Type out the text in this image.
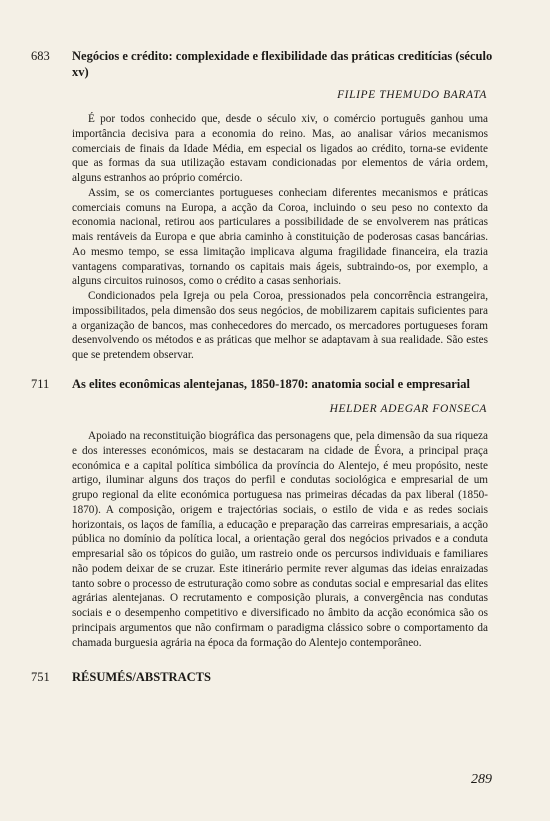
683	Negócios e crédito: complexidade e flexibilidade das práticas creditícias (século xv)
FILIPE THEMUDO BARATA

É por todos conhecido que, desde o século xiv, o comércio português ganhou uma importância decisiva para a economia do reino. Mas, ao analisar vários mecanismos comerciais de finais da Idade Média, em especial os ligados ao crédito, torna-se evidente que as formas da sua utilização estavam condicionadas por elementos de vária ordem, alguns estranhos ao próprio comércio.

Assim, se os comerciantes portugueses conheciam diferentes mecanismos e práticas comerciais comuns na Europa, a acção da Coroa, incluindo o seu peso no contexto da economia nacional, retirou aos particulares a possibilidade de se envolverem nas práticas mais rentáveis da Europa e que abria caminho à constituição de poderosas casas bancárias. Ao mesmo tempo, se essa limitação implicava alguma fragilidade financeira, ela trazia vantagens comparativas, tornando os capitais mais ágeis, subtraindo-os, por exemplo, a alguns circuitos ruinosos, como o crédito a casas senhoriais.

Condicionados pela Igreja ou pela Coroa, pressionados pela concorrência estrangeira, impossibilitados, pela dimensão dos seus negócios, de mobilizarem capitais suficientes para a organização de bancos, mas conhecedores do mercado, os mercadores portugueses foram desenvolvendo os métodos e as práticas que melhor se adaptavam à sua realidade. São estes que se pretendem observar.

711	As elites econômicas alentejanas, 1850-1870: anatomia social e empresarial
HELDER ADEGAR FONSECA

Apoiado na reconstituição biográfica das personagens que, pela dimensão da sua riqueza e dos interesses económicos, mais se destacaram na cidade de Évora, a principal praça económica e a capital política simbólica da província do Alentejo, é meu propósito, neste artigo, iluminar alguns dos traços do perfil e condutas sociológica e empresarial de um grupo regional da elite económica portuguesa nas primeiras décadas da pax liberal (1850-1870). A composição, origem e trajectórias sociais, o estilo de vida e as redes sociais horizontais, os laços de família, a educação e preparação das carreiras empresariais, a acção pública no domínio da política local, a orientação geral dos negócios privados e a conduta empresarial são os tópicos do guião, um rastreio onde os percursos individuais e familiares não podem deixar de se cruzar. Este itinerário permite rever algumas das ideias enraizadas tanto sobre o processo de estruturação como sobre as condutas social e empresarial das elites agrárias alentejanas. O recrutamento e composição plurais, a convergência nas condutas sociais e o desempenho competitivo e diversificado no âmbito da acção económica são os principais argumentos que não confirmam o paradigma clássico sobre o comportamento da chamada burguesia agrária na época da formação do Alentejo contemporâneo.

751	RÉSUMÉS/ABSTRACTS
289
